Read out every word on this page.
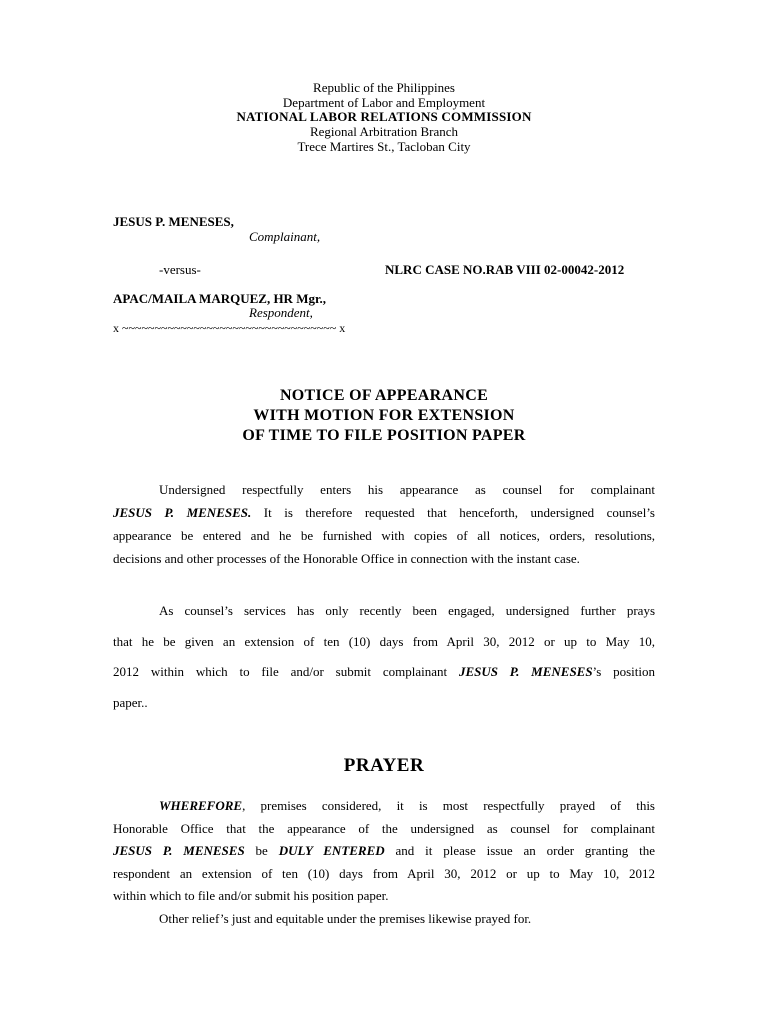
Republic of the Philippines
Department of Labor and Employment
NATIONAL LABOR RELATIONS COMMISSION
Regional Arbitration Branch
Trece Martires St., Tacloban City
JESUS P. MENESES,
Complainant,
-versus-	NLRC CASE NO.RAB VIII 02-00042-2012
APAC/MAILA MARQUEZ, HR Mgr.,
Respondent,
x ~~~~~~~~~~~~~~~~~~~~~~~~~~~~~~~~~ x
NOTICE OF APPEARANCE
WITH MOTION FOR EXTENSION
OF TIME TO FILE POSITION PAPER
Undersigned respectfully enters his appearance as counsel for complainant
JESUS P. MENESES. It is therefore requested that henceforth, undersigned counsel’s
appearance be entered and he be furnished with copies of all notices, orders, resolutions,
decisions and other processes of the Honorable Office in connection with the instant case.
As counsel’s services has only recently been engaged, undersigned further prays
that he be given an extension of ten (10) days from April 30, 2012 or up to May 10,
2012 within which to file and/or submit complainant JESUS P. MENESES’s position
paper..
PRAYER
WHEREFORE, premises considered, it is most respectfully prayed of this
Honorable Office that the appearance of the undersigned as counsel for complainant
JESUS P. MENESES be DULY ENTERED and it please issue an order granting the
respondent an extension of ten (10) days from April 30, 2012 or up to May 10, 2012
within which to file and/or submit his position paper.
Other relief’s just and equitable under the premises likewise prayed for.
